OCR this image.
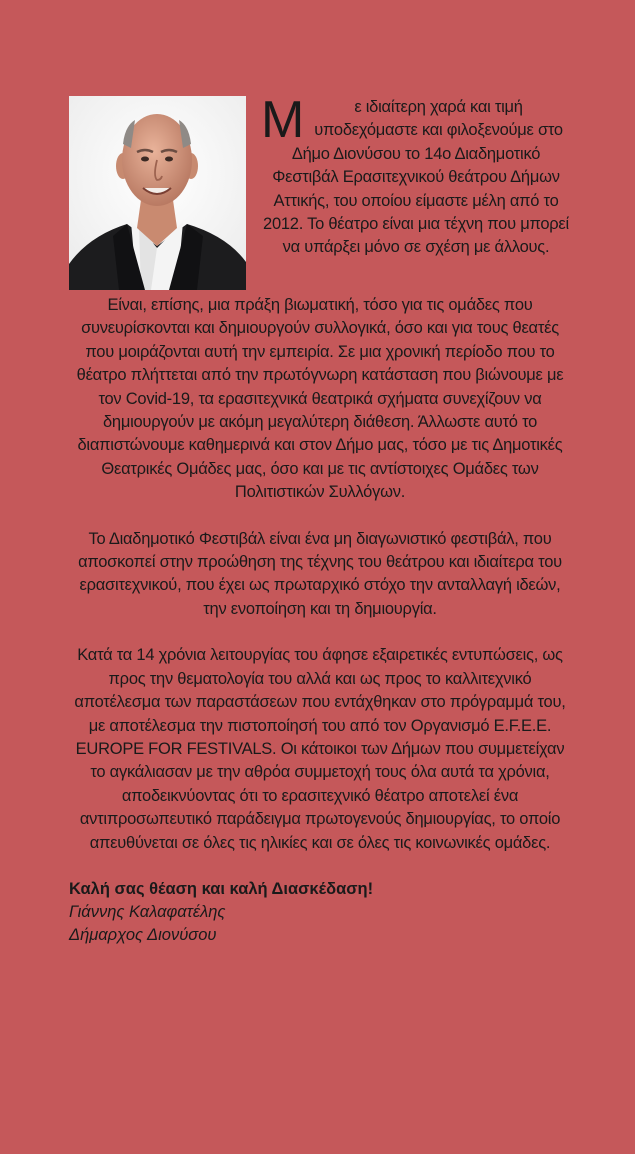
Μ	ε ιδιαίτερη χαρά και τιμή υποδεχόμαστε και φιλοξενούμε στο Δήμο Διονύσου το 14ο Διαδημοτικό Φεστιβάλ Ερασιτεχνικού θεάτρου Δήμων Αττικής, του οποίου είμαστε μέλη από το 2012. Το θέατρο είναι μια τέχνη που μπορεί να υπάρξει μόνο σε σχέση με άλλους.

Είναι, επίσης, μια πράξη βιωματική, τόσο για τις ομάδες που συνευρίσκονται και δημιουργούν συλλογικά, όσο και για τους θεατές που μοιράζονται αυτή την εμπειρία. Σε μια χρονική περίοδο που το θέατρο πλήττεται από την πρωτόγνωρη κατάσταση που βιώνουμε με τον Covid-19, τα ερασιτεχνικά θεατρικά σχήματα συνεχίζουν να δημιουργούν με ακόμη μεγαλύτερη διάθεση. Άλλωστε αυτό το διαπιστώνουμε καθημερινά και στον Δήμο μας, τόσο με τις Δημοτικές Θεατρικές Ομάδες μας, όσο και με τις αντίστοιχες Ομάδες των Πολιτιστικών Συλλόγων.

Το Διαδημοτικό Φεστιβάλ είναι ένα μη διαγωνιστικό φεστιβάλ, που αποσκοπεί στην προώθηση της τέχνης του θεάτρου και ιδιαίτερα του ερασιτεχνικού, που έχει ως πρωταρχικό στόχο την ανταλλαγή ιδεών, την ενοποίηση και τη δημιουργία.

Κατά τα 14 χρόνια λειτουργίας του άφησε εξαιρετικές εντυπώσεις, ως προς την θεματολογία του αλλά και ως προς το καλλιτεχνικό αποτέλεσμα των παραστάσεων που εντάχθηκαν στο πρόγραμμά του, με αποτέλεσμα την πιστοποίησή του από τον Οργανισμό E.F.E.E. EUROPE FOR FESTIVALS. Οι κάτοικοι των Δήμων που συμμετείχαν το αγκάλιασαν με την αθρόα συμμετοχή τους όλα αυτά τα χρόνια, αποδεικνύοντας ότι το ερασιτεχνικό θέατρο αποτελεί ένα αντιπροσωπευτικό παράδειγμα πρωτογενούς δημιουργίας, το οποίο απευθύνεται σε όλες τις ηλικίες και σε όλες τις κοινωνικές ομάδες.

Καλή σας θέαση και καλή Διασκέδαση!
Γιάννης Καλαφατέλης
Δήμαρχος Διονύσου
